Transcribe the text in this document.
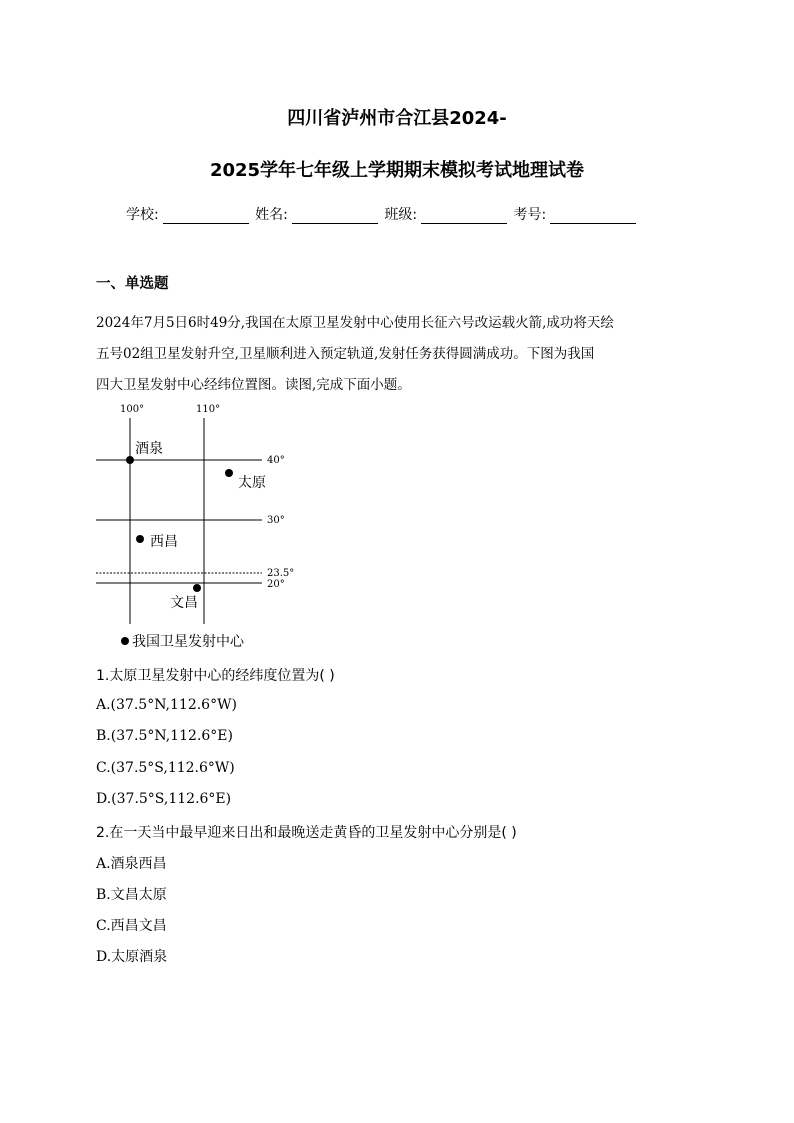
四川省泸州市合江县2024-
2025学年七年级上学期期末模拟考试地理试卷
学校:	姓名:	班级:	考号:
一、单选题
2024年7月5日6时49分,我国在太原卫星发射中心使用长征六号改运载火箭,成功将天绘
五号02组卫星发射升空,卫星顺利进入预定轨道,发射任务获得圆满成功。下图为我国
四大卫星发射中心经纬位置图。读图,完成下面小题。
100°	110°
40°
30°
23.5°
20°
酒泉
太原
西昌
文昌
我国卫星发射中心
1.太原卫星发射中心的经纬度位置为( )
A.(37.5°N,112.6°W)
B.(37.5°N,112.6°E)
C.(37.5°S,112.6°W)
D.(37.5°S,112.6°E)
2.在一天当中最早迎来日出和最晚送走黄昏的卫星发射中心分别是( )
A.酒泉西昌
B.文昌太原
C.西昌文昌
D.太原酒泉
